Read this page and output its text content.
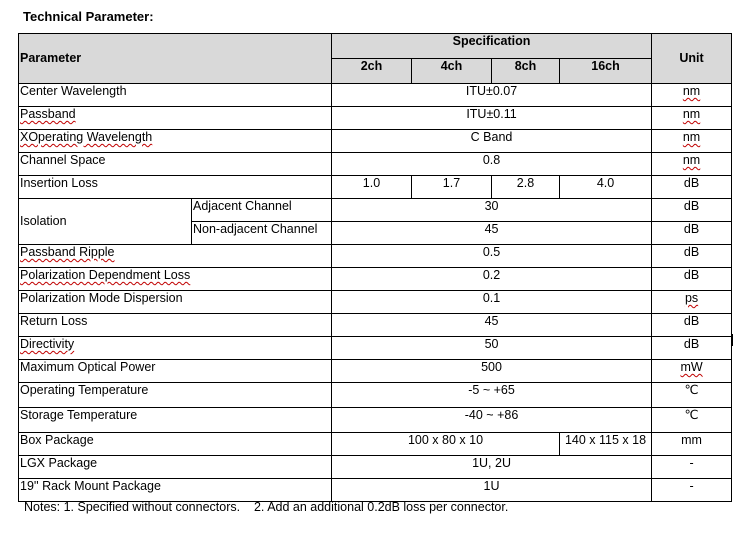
Technical Parameter:
Parameter		Specification				Unit
		2ch	4ch	8ch	16ch	
Center Wavelength		ITU±0.07				nm
Passband		ITU±0.11				nm
XOperating Wavelength		C Band				nm
Channel Space		0.8				nm
Insertion Loss		1.0	1.7	2.8	4.0	dB
Isolation	Adjacent Channel	30				dB
	Non-adjacent Channel	45				dB
Passband Ripple		0.5				dB
Polarization Dependment Loss		0.2				dB
Polarization Mode Dispersion		0.1				ps
Return Loss		45				dB
Directivity		50				dB
Maximum Optical Power		500				mW
Operating Temperature		-5 ~ +65				℃
Storage Temperature		-40 ~ +86				℃
Box Package		100 x 80 x 10			140 x 115 x 18	mm
LGX Package		1U, 2U				-
19'' Rack Mount Package		1U				-
Notes: 1. Specified without connectors.    2. Add an additional 0.2dB loss per connector.
